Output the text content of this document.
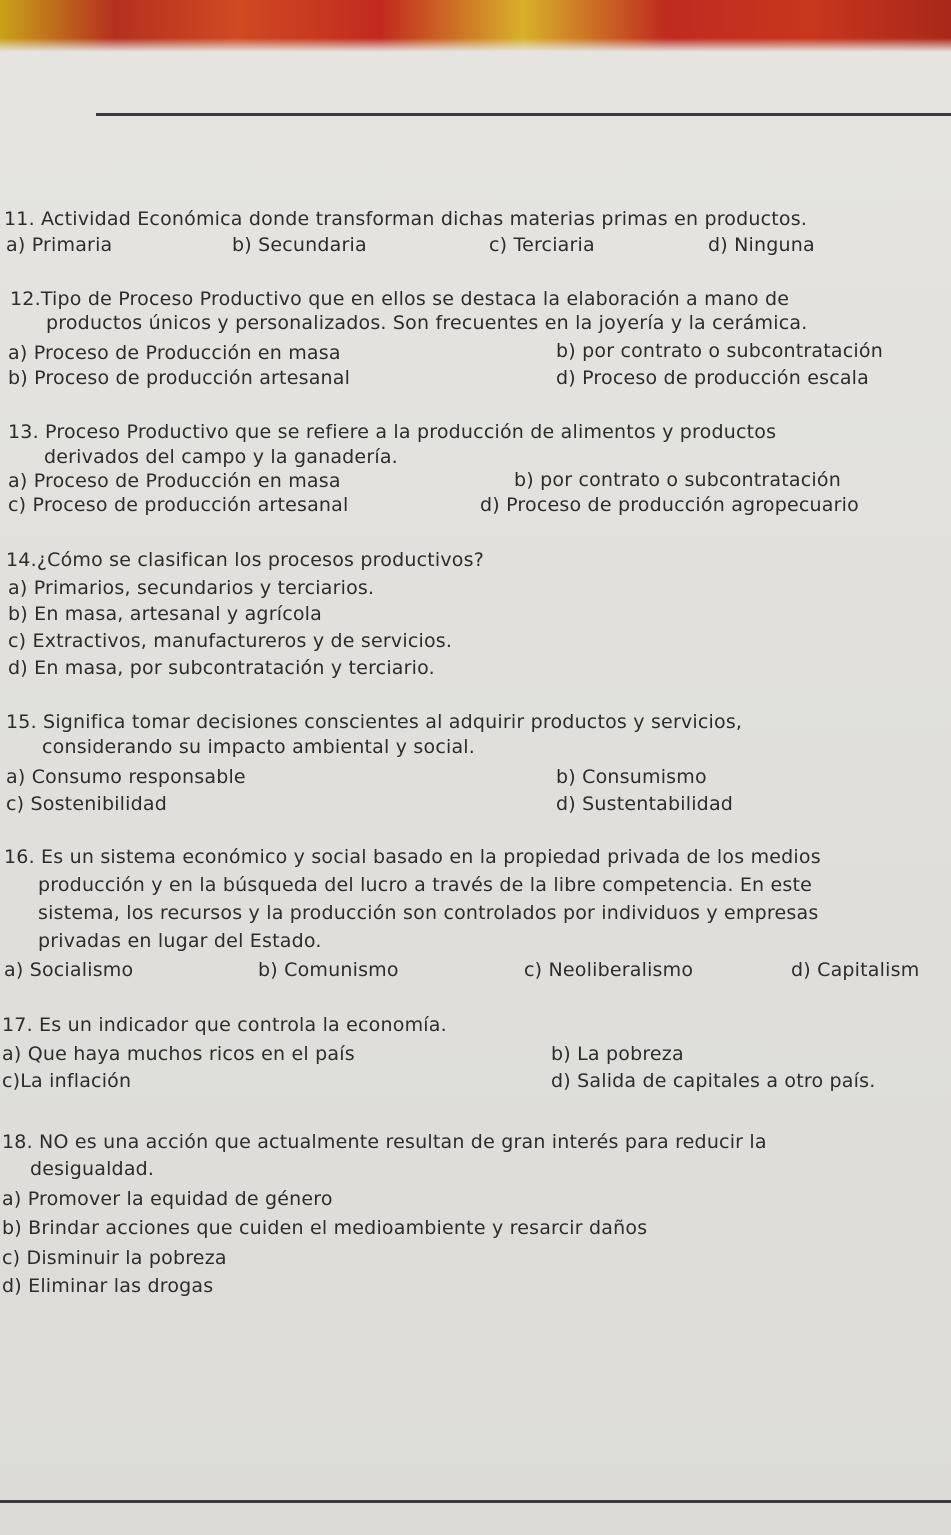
11. Actividad Económica donde transforman dichas materias primas en productos.
a) Primaria	b) Secundaria	c) Terciaria	d) Ninguna
12.Tipo de Proceso Productivo que en ellos se destaca la elaboración a mano de
productos únicos y personalizados. Son frecuentes en la joyería y la cerámica.
a) Proceso de Producción en masa	b) por contrato o subcontratación
b) Proceso de producción artesanal	d) Proceso de producción escala
13. Proceso Productivo que se refiere a la producción de alimentos y productos
derivados del campo y la ganadería.
a) Proceso de Producción en masa	b) por contrato o subcontratación
c) Proceso de producción artesanal	d) Proceso de producción agropecuario
14.¿Cómo se clasifican los procesos productivos?
a) Primarios, secundarios y terciarios.
b) En masa, artesanal y agrícola
c) Extractivos, manufactureros y de servicios.
d) En masa, por subcontratación y terciario.
15. Significa tomar decisiones conscientes al adquirir productos y servicios,
considerando su impacto ambiental y social.
a) Consumo responsable	b) Consumismo
c) Sostenibilidad	d) Sustentabilidad
16. Es un sistema económico y social basado en la propiedad privada de los medios
producción y en la búsqueda del lucro a través de la libre competencia. En este
sistema, los recursos y la producción son controlados por individuos y empresas
privadas en lugar del Estado.
a) Socialismo	b) Comunismo	c) Neoliberalismo	d) Capitalism
17. Es un indicador que controla la economía.
a) Que haya muchos ricos en el país	b) La pobreza
c)La inflación	d) Salida de capitales a otro país.
18. NO es una acción que actualmente resultan de gran interés para reducir la
desigualdad.
a) Promover la equidad de género
b) Brindar acciones que cuiden el medioambiente y resarcir daños
c) Disminuir la pobreza
d) Eliminar las drogas
